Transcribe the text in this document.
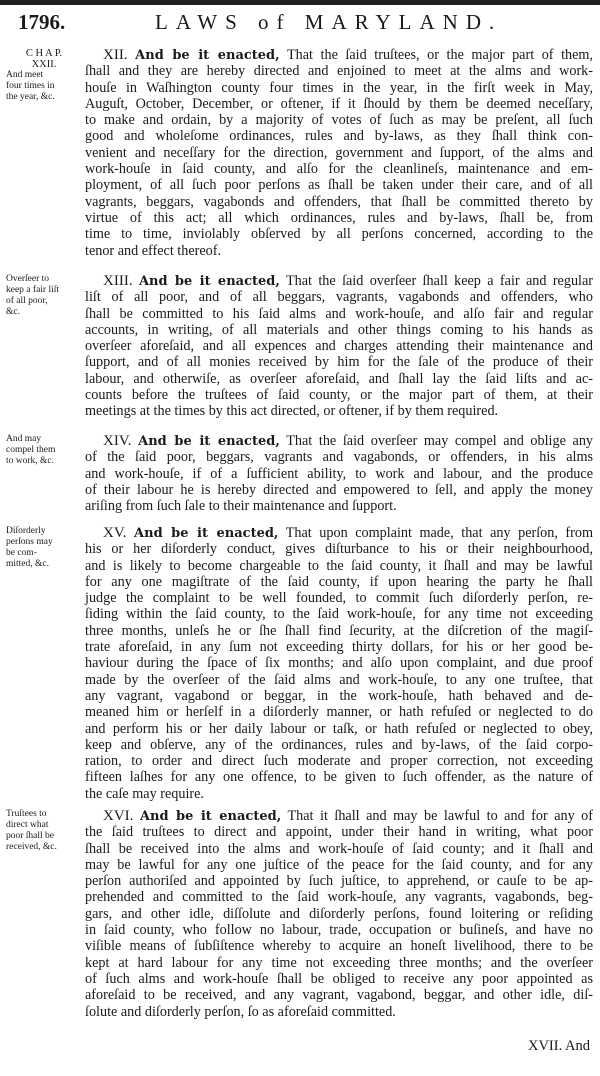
1796.	LAWS of MARYLAND.
C H A P.
XXII.
And meet
four times in
the year, &c.
XII. And be it enacted, That the ſaid truſtees, or the major part of them,
ſhall and they are hereby directed and enjoined to meet at the alms and work-
houſe in Waſhington county four times in the year, in the firſt week in May,
Auguſt, October, December, or oftener, if it ſhould by them be deemed neceſſary,
to make and ordain, by a majority of votes of ſuch as may be preſent, all ſuch
good and wholeſome ordinances, rules and by-laws, as they ſhall think con-
venient and neceſſary for the direction, government and ſupport, of the alms and
work-houſe in ſaid county, and alſo for the cleanlineſs, maintenance and em-
ployment, of all ſuch poor perſons as ſhall be taken under their care, and of all
vagrants, beggars, vagabonds and offenders, that ſhall be committed thereto by
virtue of this act; all which ordinances, rules and by-laws, ſhall be, from
time to time, inviolably obſerved by all perſons concerned, according to the
tenor and effect thereof.
Overſeer to
keep a fair liſt
of all poor,
&c.
XIII. And be it enacted, That the ſaid overſeer ſhall keep a fair and regular
liſt of all poor, and of all beggars, vagrants, vagabonds and offenders, who
ſhall be committed to his ſaid alms and work-houſe, and alſo fair and regular
accounts, in writing, of all materials and other things coming to his hands as
overſeer aforeſaid, and all expences and charges attending their maintenance and
ſupport, and of all monies received by him for the ſale of the produce of their
labour, and otherwiſe, as overſeer aforeſaid, and ſhall lay the ſaid liſts and ac-
counts before the truſtees of ſaid county, or the major part of them, at their
meetings at the times by this act directed, or oftener, if by them required.
And may
compel them
to work, &c.
XIV. And be it enacted, That the ſaid overſeer may compel and oblige any
of the ſaid poor, beggars, vagrants and vagabonds, or offenders, in his alms
and work-houſe, if of a ſufficient ability, to work and labour, and the produce
of their labour he is hereby directed and empowered to ſell, and apply the money
ariſing from ſuch ſale to their maintenance and ſupport.
Diſorderly
perſons may
be com-
mitted, &c.
XV. And be it enacted, That upon complaint made, that any perſon, from
his or her diſorderly conduct, gives diſturbance to his or their neighbourhood,
and is likely to become chargeable to the ſaid county, it ſhall and may be lawful
for any one magiſtrate of the ſaid county, if upon hearing the party he ſhall
judge the complaint to be well founded, to commit ſuch diſorderly perſon, re-
ſiding within the ſaid county, to the ſaid work-houſe, for any time not exceeding
three months, unleſs he or ſhe ſhall find ſecurity, at the diſcretion of the magiſ-
trate aforeſaid, in any ſum not exceeding thirty dollars, for his or her good be-
haviour during the ſpace of ſix months; and alſo upon complaint, and due proof
made by the overſeer of the ſaid alms and work-houſe, to any one truſtee, that
any vagrant, vagabond or beggar, in the work-houſe, hath behaved and de-
meaned him or herſelf in a diſorderly manner, or hath refuſed or neglected to do
and perform his or her daily labour or taſk, or hath refuſed or neglected to obey,
keep and obſerve, any of the ordinances, rules and by-laws, of the ſaid corpo-
ration, to order and direct ſuch moderate and proper correction, not exceeding
fifteen laſhes for any one offence, to be given to ſuch offender, as the nature of
the caſe may require.
Truſtees to
direct what
poor ſhall be
received, &c.
XVI. And be it enacted, That it ſhall and may be lawful to and for any of
the ſaid truſtees to direct and appoint, under their hand in writing, what poor
ſhall be received into the alms and work-houſe of ſaid county; and it ſhall and
may be lawful for any one juſtice of the peace for the ſaid county, and for any
perſon authoriſed and appointed by ſuch juſtice, to apprehend, or cauſe to be ap-
prehended and committed to the ſaid work-houſe, any vagrants, vagabonds, beg-
gars, and other idle, diſſolute and diſorderly perſons, found loitering or reſiding
in ſaid county, who follow no labour, trade, occupation or buſineſs, and have no
viſible means of ſubſiſtence whereby to acquire an honeſt livelihood, there to be
kept at hard labour for any time not exceeding three months; and the overſeer
of ſuch alms and work-houſe ſhall be obliged to receive any poor appointed as
aforeſaid to be received, and any vagrant, vagabond, beggar, and other idle, diſ-
ſolute and diſorderly perſon, ſo as aforeſaid committed.
XVII. And
